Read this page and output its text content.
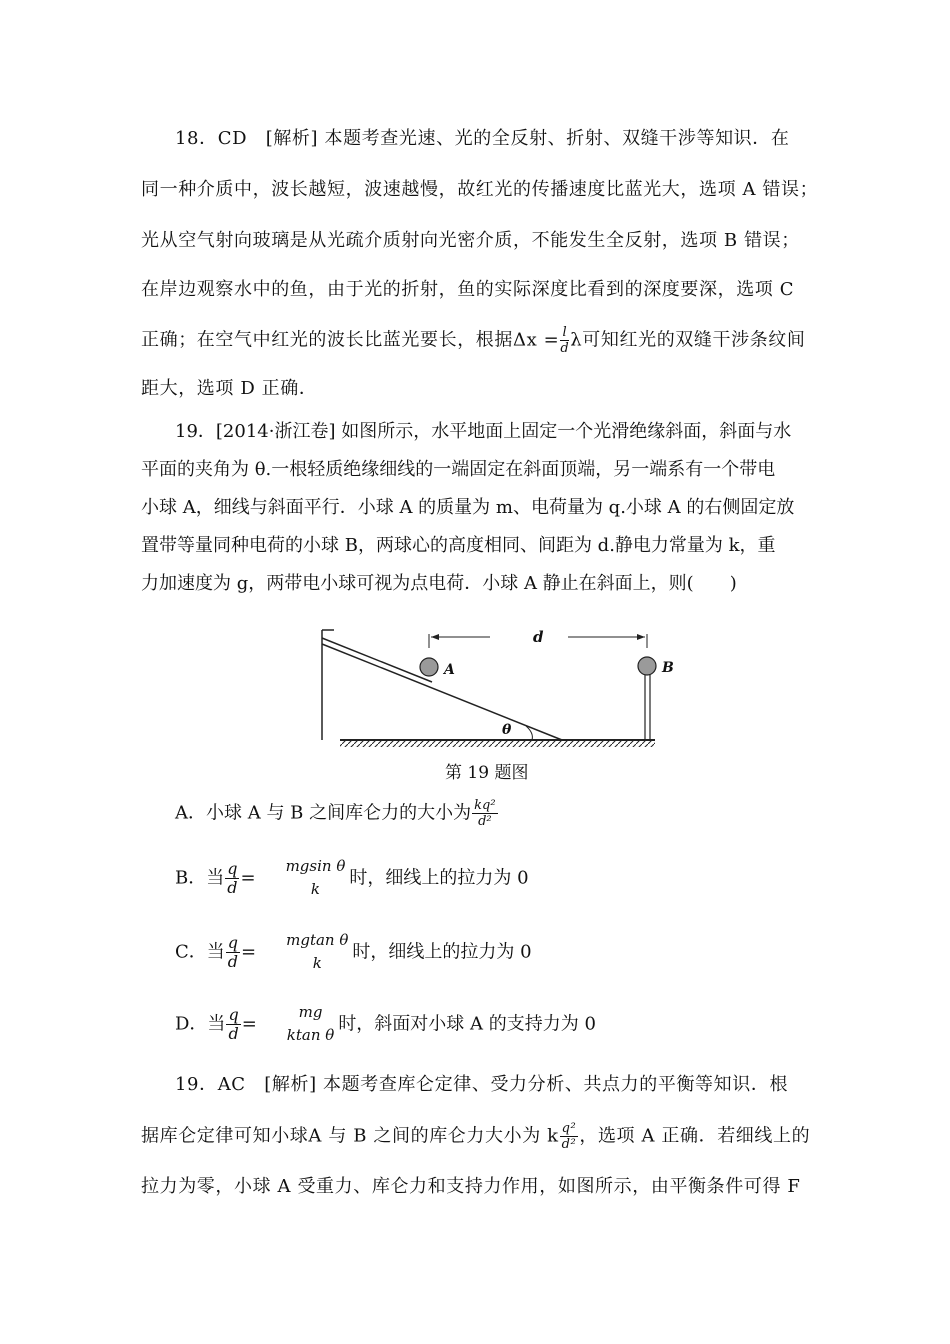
18．CD　[解析] 本题考查光速、光的全反射、折射、双缝干涉等知识．在
同一种介质中，波长越短，波速越慢，故红光的传播速度比蓝光大，选项 A 错误；
光从空气射向玻璃是从光疏介质射向光密介质，不能发生全反射，选项 B 错误；
在岸边观察水中的鱼，由于光的折射，鱼的实际深度比看到的深度要深，选项 C
正确；在空气中红光的波长比蓝光要长，根据$\Delta x = \frac{l}{d}$ λ可知红光的双缝干涉条纹间
距大，选项 D 正确．
19．[2014·浙江卷] 如图所示，水平地面上固定一个光滑绝缘斜面，斜面与水
平面的夹角为 θ.一根轻质绝缘细线的一端固定在斜面顶端，另一端系有一个带电
小球 A，细线与斜面平行．小球 A 的质量为 m、电荷量为 q.小球 A 的右侧固定放
置带等量同种电荷的小球 B，两球心的高度相同、间距为 d.静电力常量为 k，重
力加速度为 g，两带电小球可视为点电荷．小球 A 静止在斜面上，则(　　)
θ
A	B
d
第 19 题图
A．小球 A 与 B 之间库仑力的大小为 $\frac{\text{kq²}}{\text{d²}}$
B．当 $\frac{q}{d}$ =
mgsin θ
k
时，细线上的拉力为 0
C．当 $\frac{q}{d}$ =
mgtan θ
k
时，细线上的拉力为 0
D．当 $\frac{q}{d}$ =
mg
ktan θ
时，斜面对小球 A 的支持力为 0
19．AC　[解析] 本题考查库仑定律、受力分析、共点力的平衡等知识．根
据库仑定律可知小球A 与 B 之间的库仑力大小为 k $\frac{\text{q²}}{\text{d²}}$ ，选项 A 正确．若细线上的
拉力为零，小球 A 受重力、库仑力和支持力作用，如图所示，由平衡条件可得 F
